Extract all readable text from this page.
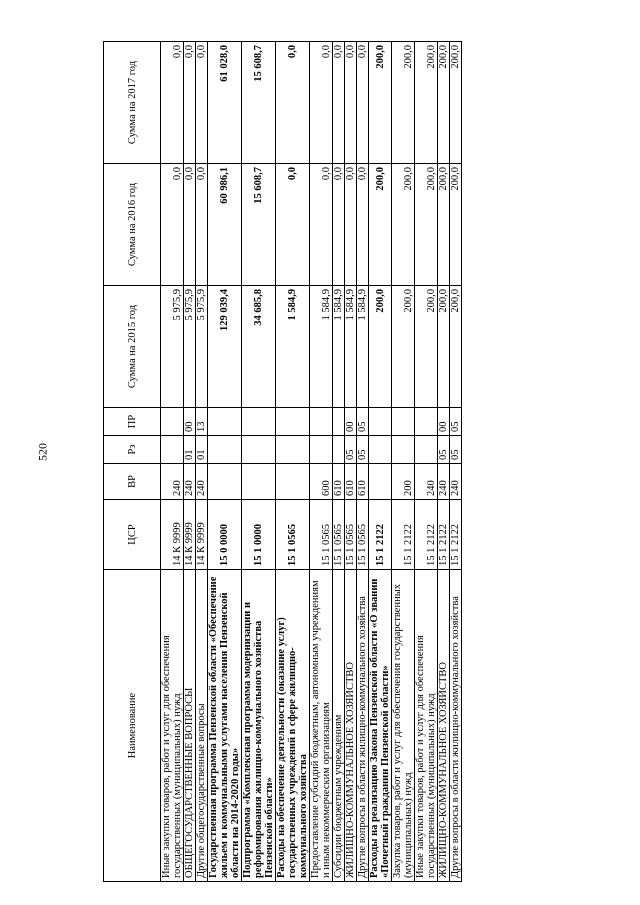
520
Наименование	ЦСР	ВР	Рз	ПР	Сумма на 2015 год	Сумма на 2016 год	Сумма на 2017 год
Иные закупки товаров, работ и услуг для обеспечения государственных (муниципальных) нужд	14 К 9999	240			5 975,9	0,0	0,0
ОБЩЕГОСУДАРСТВЕННЫЕ ВОПРОСЫ	14 К 9999	240	01	00	5 975,9	0,0	0,0
Другие общегосударственные вопросы	14 К 9999	240	01	13	5 975,9	0,0	0,0
Государственная программа Пензенской области «Обеспечение жильем и коммунальными услугами населения Пензенской области на 2014-2020 годы»	15 0 0000				129 039,4	60 986,1	61 028,0
Подпрограмма «Комплексная программа модернизации и реформирования жилищно-коммунального хозяйства Пензенской области»	15 1 0000				34 685,8	15 608,7	15 608,7
Расходы на обеспечение деятельности (оказание услуг) государственных учреждений в сфере жилищно-коммунального хозяйства	15 1 0565				1 584,9	0,0	0,0
Предоставление субсидий бюджетным, автономным учреждениям и иным некоммерческим организациям	15 1 0565	600			1 584,9	0,0	0,0
Субсидии бюджетным учреждениям	15 1 0565	610			1 584,9	0,0	0,0
ЖИЛИЩНО-КОММУНАЛЬНОЕ ХОЗЯЙСТВО	15 1 0565	610	05	00	1 584,9	0,0	0,0
Другие вопросы в области жилищно-коммунального хозяйства	15 1 0565	610	05	05	1 584,9	0,0	0,0
Расходы на реализацию Закона Пензенской области «О звании «Почетный гражданин Пензенской области»	15 1 2122				200,0	200,0	200,0
Закупка товаров, работ и услуг для обеспечения государственных (муниципальных) нужд	15 1 2122	200			200,0	200,0	200,0
Иные закупки товаров, работ и услуг для обеспечения государственных (муниципальных) нужд	15 1 2122	240			200,0	200,0	200,0
ЖИЛИЩНО-КОММУНАЛЬНОЕ ХОЗЯЙСТВО	15 1 2122	240	05	00	200,0	200,0	200,0
Другие вопросы в области жилищно-коммунального хозяйства	15 1 2122	240	05	05	200,0	200,0	200,0
